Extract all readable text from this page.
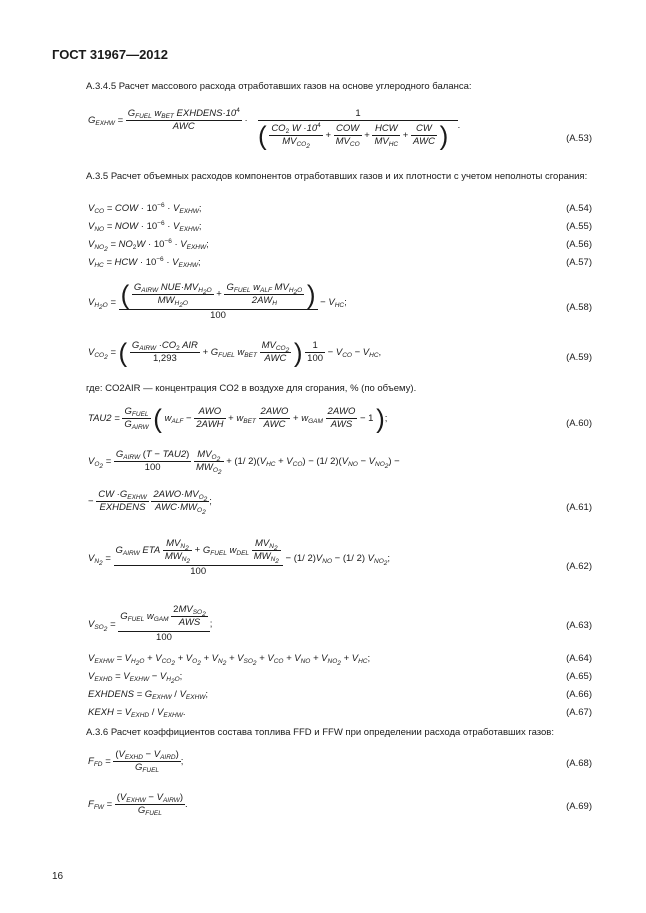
ГОСТ 31967—2012
А.3.4.5 Расчет массового расхода отработавших газов на основе углеродного баланса:
$G_{EXHW} = \frac{G_{FUEL} w_{BET} EXHDENS\cdot 10^4}{\text{AWC}}$ ·
1
( $\frac{CO_2 W \cdot 10^4}{MV_{CO_2}} + \frac{\text{COW}}{MV_{CO}} + \frac{\text{HCW}}{MV_{HC}} + \frac{CW}{\text{AWC}}$ )	.
(А.53)
А.3.5 Расчет объемных расходов компонентов отработавших газов и их плотности с учетом неполноты сгорания:
$V_{CO}$ = COW · $10^{-6} \cdot V_{EXHW}$;	(А.54)
$V_{NO}$ = NOW · $10^{-6} \cdot V_{EXHW}$;	(А.55)
$V_{NO_2} = NO_2W \cdot 10^{-6} \cdot V_{EXHW}$;	(А.56)
$V_{HC}$ = HCW · $10^{-6} \cdot V_{EXHW}$;	(А.57)
$V_{H_2O}$ = ( $\frac{G_{AIRW} NUE\cdot MV_{H_2O}}{MW_{H_2O}} + \frac{G_{FUEL} w_{ALF} MV_{H_2O}}{2AW_H}$ )
100
− $V_{HC}$;	(А.58)
$V_{CO_2}$ = ( $\frac{G_{AIRW} \cdot CO_2 AIR}{1,293} + G_{FUEL}$ $w_{BET} \frac{MV_{CO_2}}{\text{AWC}}$ ) $\frac{1}{100} - V_{CO} - V_{HC}$,	(А.59)
где: CO2AIR — концентрация CO2 в воздухе для сгорания, % (по объему).
$TAU2 = \frac{G_{FUEL}}{G_{AIRW}}$ ( $w_{ALF} - \frac{\text{AWO}}{\text{2AWH}} + w_{BET} \frac{\text{2AWO}}{\text{AWC}} + w_{GAM} \frac{\text{2AWO}}{\text{AWS}} - 1$ );	(А.60)
$V_{O_2} = \frac{G_{AIRW} (T - TAU2)}{100}$
$\frac{MV_{O_2}}{MW_{O_2}} + (1/$ $2)(V_{HC} + V_{CO}) - (1/$ $2)(V_{NO} - V_{NO_2})$ −
− $\frac{CW \cdot G_{EXHW}}{\text{EXHDENS}}$
$\frac{2AWO\cdot MV_{O_2}}{AWC\cdot MW_{O_2}}$ ;
(А.61)
$V_{N_2}$ =
$G_{AIRW}$ ETA $\frac{MV_{N_2}}{MW_{N_2}} + G_{FUEL}$ $w_{DEL} \frac{MV_{N_2}}{MW_{N_2}}$
100
− (1/ $2)V_{NO} - (1/$ 2) $V_{NO_2}$;
(А.62)
$V_{SO_2} = \frac{G_{FUEL} w_{GAM} \frac{2MV_{SO_2}}{\text{AWS}}}{100}$ ;	(А.63)
$V_{EXHW} = V_{H_2O} + V_{CO_2} + V_{O_2} + V_{N_2} + V_{SO_2} + V_{CO} + V_{NO} + V_{NO_2} + V_{HC}$;	(А.64)
$V_{EXHD} = V_{EXHW} - V_{H_2O}$;	(А.65)
EXHDENS = $G_{EXHW} / V_{EXHW}$;	(А.66)
KEXH = $V_{EXHD} / V_{EXHW}$.	(А.67)
А.3.6 Расчет коэффициентов состава топлива FFD и FFW при определении расхода отработавших газов:
$F_{FD} = \frac{(V_{EXHD} - V_{AIRD})}{G_{FUEL}}$ ;	(А.68)
$F_{FW} = \frac{(V_{EXHW} - V_{AIRW})}{G_{FUEL}}$ .	(А.69)
16
